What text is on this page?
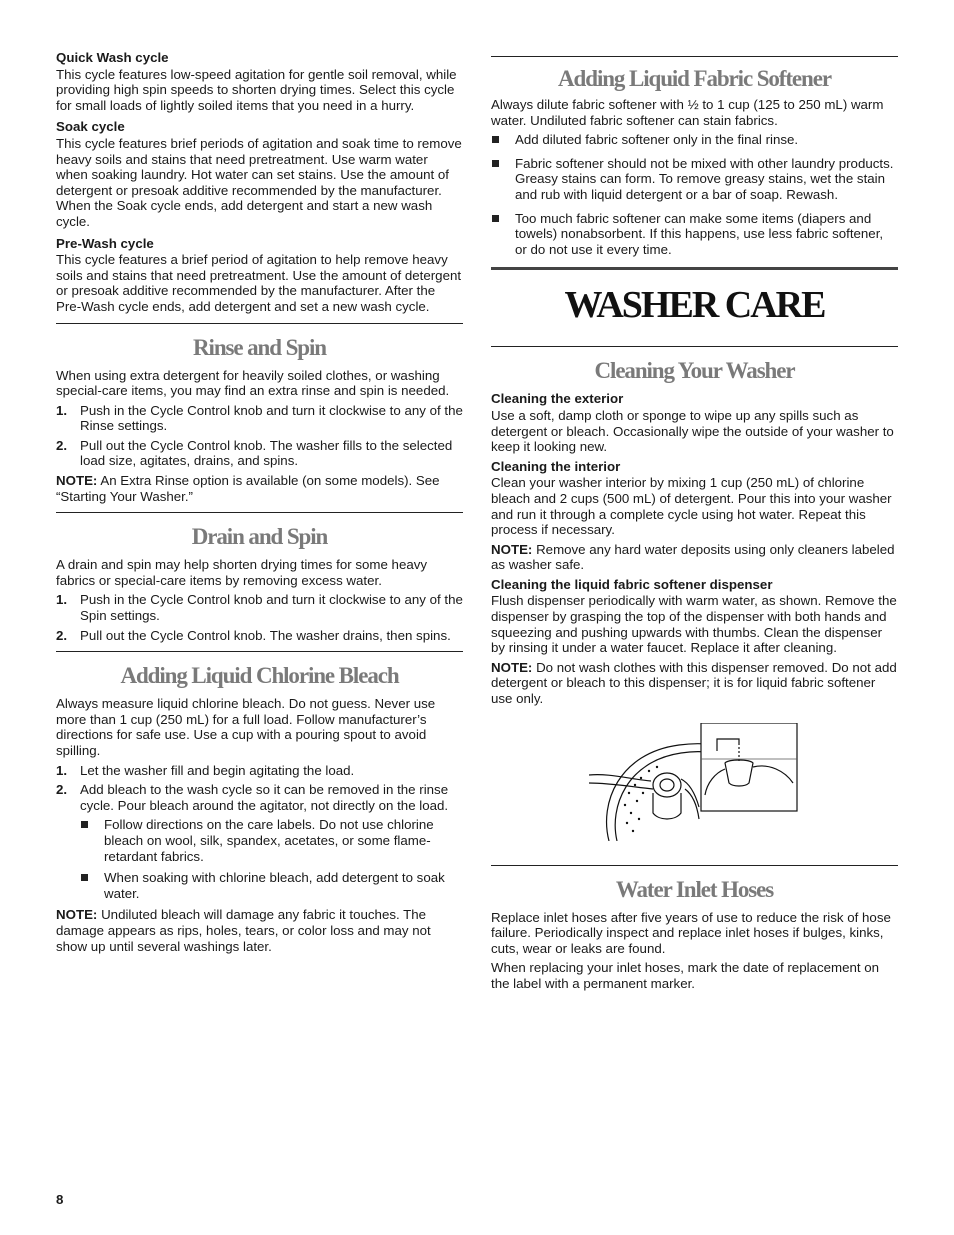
Quick Wash cycle

This cycle features low-speed agitation for gentle soil removal, while providing high spin speeds to shorten drying times. Select this cycle for small loads of lightly soiled items that you need in a hurry.

Soak cycle

This cycle features brief periods of agitation and soak time to remove heavy soils and stains that need pretreatment. Use warm water when soaking laundry. Hot water can set stains. Use the amount of detergent or presoak additive recommended by the manufacturer. When the Soak cycle ends, add detergent and start a new wash cycle.

Pre-Wash cycle

This cycle features a brief period of agitation to help remove heavy soils and stains that need pretreatment. Use the amount of detergent or presoak additive recommended by the manufacturer. After the Pre-Wash cycle ends, add detergent and set a new wash cycle.

Rinse and Spin

When using extra detergent for heavily soiled clothes, or washing special-care items, you may find an extra rinse and spin is needed.

1. Push in the Cycle Control knob and turn it clockwise to any of the Rinse settings.
2. Pull out the Cycle Control knob. The washer fills to the selected load size, agitates, drains, and spins.

NOTE: An Extra Rinse option is available (on some models). See “Starting Your Washer.”

Drain and Spin

A drain and spin may help shorten drying times for some heavy fabrics or special-care items by removing excess water.

1. Push in the Cycle Control knob and turn it clockwise to any of the Spin settings.
2. Pull out the Cycle Control knob. The washer drains, then spins.
Adding Liquid Chlorine Bleach

Always measure liquid chlorine bleach. Do not guess. Never use more than 1 cup (250 mL) for a full load. Follow manufacturer’s directions for safe use. Use a cup with a pouring spout to avoid spilling.

1. Let the washer fill and begin agitating the load.
2. Add bleach to the wash cycle so it can be removed in the rinse cycle. Pour bleach around the agitator, not directly on the load.
Follow directions on the care labels. Do not use chlorine bleach on wool, silk, spandex, acetates, or some flame-retardant fabrics.
When soaking with chlorine bleach, add detergent to soak water.

NOTE: Undiluted bleach will damage any fabric it touches. The damage appears as rips, holes, tears, or color loss and may not show up until several washings later.

Adding Liquid Fabric Softener

Always dilute fabric softener with ½ to 1 cup (125 to 250 mL) warm water. Undiluted fabric softener can stain fabrics.

Add diluted fabric softener only in the final rinse.
Fabric softener should not be mixed with other laundry products. Greasy stains can form. To remove greasy stains, wet the stain and rub with liquid detergent or a bar of soap. Rewash.
Too much fabric softener can make some items (diapers and towels) nonabsorbent. If this happens, use less fabric softener, or do not use it every time.
WASHER CARE
Cleaning Your Washer
Cleaning the exterior

Use a soft, damp cloth or sponge to wipe up any spills such as detergent or bleach. Occasionally wipe the outside of your washer to keep it looking new.

Cleaning the interior

Clean your washer interior by mixing 1 cup (250 mL) of chlorine bleach and 2 cups (500 mL) of detergent. Pour this into your washer and run it through a complete cycle using hot water. Repeat this process if necessary.

NOTE: Remove any hard water deposits using only cleaners labeled as washer safe.

Cleaning the liquid fabric softener dispenser

Flush dispenser periodically with warm water, as shown. Remove the dispenser by grasping the top of the dispenser with both hands and squeezing and pushing upwards with thumbs. Clean the dispenser by rinsing it under a water faucet. Replace it after cleaning.

NOTE: Do not wash clothes with this dispenser removed. Do not add detergent or bleach to this dispenser; it is for liquid fabric softener use only.

Water Inlet Hoses

Replace inlet hoses after five years of use to reduce the risk of hose failure. Periodically inspect and replace inlet hoses if bulges, kinks, cuts, wear or leaks are found.

When replacing your inlet hoses, mark the date of replacement on the label with a permanent marker.

8
